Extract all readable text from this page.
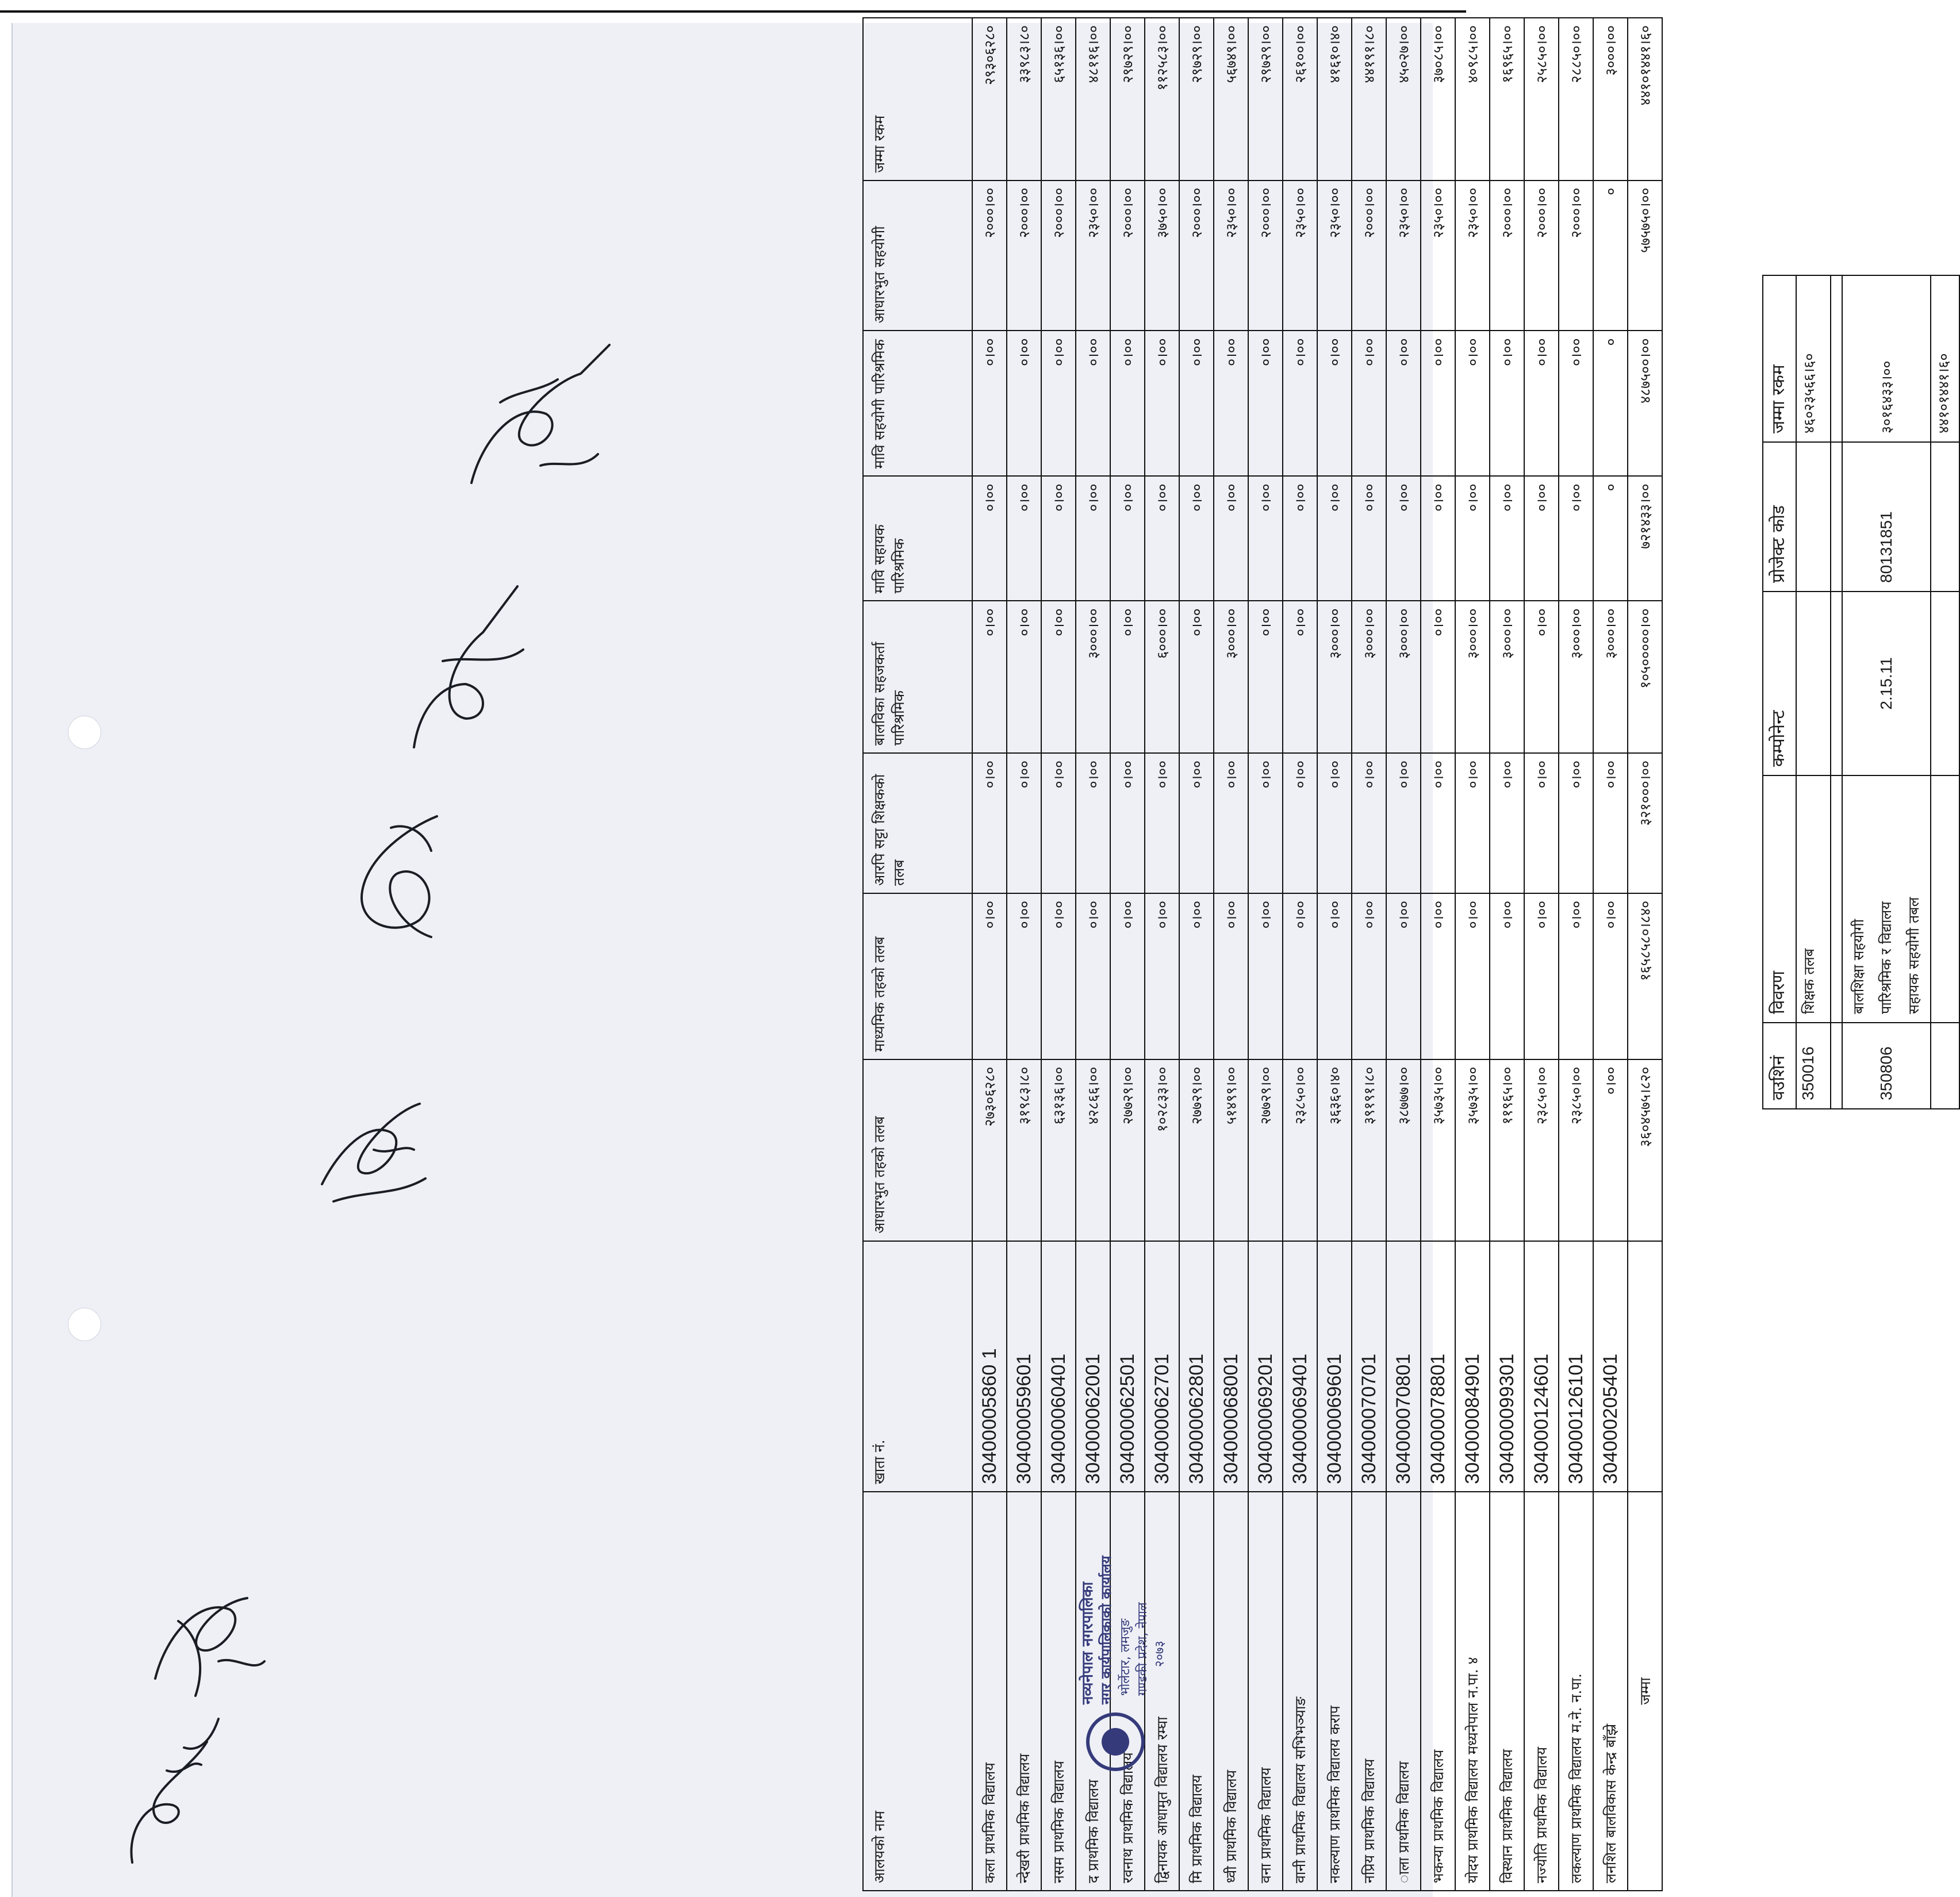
आलयको नाम	खाता नं.	आधारभुत तहको तलब	माध्यमिक तहको तलब	आरपि सट्टा शिक्षकको तलब	बालविका सहजकर्ता पारिश्रमिक	मावि सहायक पारिश्रमिक	मावि सहयोगी पारिश्रमिक	आधारभुत सहयोगी	जम्मा रकम
कला प्राथमिक विद्यालय	30400005860 1	२७३०६२८०	०।००	०।००	०।००	०।००	०।००	२०००।००	२९३०६२८०
न्देखरी प्राथमिक विद्यालय	304000059601	३१९८३।८०	०।००	०।००	०।००	०।००	०।००	२०००।००	३३९८३।८०
नसम प्राथमिक विद्यालय	304000060401	६३१३६।००	०।००	०।००	०।००	०।००	०।००	२०००।००	६५१३६।००
द प्राथमिक विद्यालय	304000062001	४२८६६।००	०।००	०।००	३०००।००	०।००	०।००	२३५०।००	४८११६।००
रवनाथ प्राथमिक विद्यालय	304000062501	२७७२९।००	०।००	०।००	०।००	०।००	०।००	२०००।००	२९७२९।००
द्विनायक आधामुत विद्यालय रम्घा	304000062701	१०२८३३।००	०।००	०।००	६०००।००	०।००	०।००	३७५०।००	११२५८३।००
मि प्राथमिक विद्यालय	304000062801	२७७२९।००	०।००	०।००	०।००	०।००	०।००	२०००।००	२९७२९।००
ध्वी प्राथमिक विद्यालय	304000068001	५१४९९।००	०।००	०।००	३०००।००	०।००	०।००	२३५०।००	५६७४९।००
वना प्राथमिक विद्यालय	304000069201	२७७२९।००	०।००	०।००	०।००	०।००	०।००	२०००।००	२९७२९।००
वानी प्राथमिक विद्यालय सभिभञ्याङ	304000069401	२३८५०।००	०।००	०।००	०।००	०।००	०।००	२३५०।००	२६१००।००
नकल्याण प्राथमिक विद्यालय कराप	304000069601	३६३६०।४०	०।००	०।००	३०००।००	०।००	०।००	२३५०।००	४१६१०।४०
नप्रिय प्राथमिक विद्यालय	304000070701	३९१९१।८०	०।००	०।००	३०००।००	०।००	०।००	२०००।००	४४१९१।८०
ाला प्राथमिक विद्यालय	304000070801	३८७७७।००	०।००	०।००	३०००।००	०।००	०।००	२३५०।००	४५०२७।००
भकन्या प्राथमिक विद्यालय	304000078801	३५७३५।००	०।००	०।००	०।००	०।००	०।००	२३५०।००	३७०८५।००
योदय प्राथमिक विद्यालय मध्यनेपाल न.पा. ४	304000084901	३५७३५।००	०।००	०।००	३०००।००	०।००	०।००	२३५०।००	४०९८५।००
विस्थान प्राथमिक विद्यालय	304000099301	११९६५।००	०।००	०।००	३०००।००	०।००	०।००	२०००।००	१६९६५।००
नज्योति प्राथमिक विद्यालय	304000124601	२३८५०।००	०।००	०।००	०।००	०।००	०।००	२०००।००	२५८५०।००
लकल्याण प्राथमिक विद्यालय म.ने. न.पा.	304000126101	२३८५०।००	०।००	०।००	३०००।००	०।००	०।००	२०००।००	२८८५०।००
लनशिल बालविकास केन्द्र बाँझ्रे	304000205401	०।००	०।००	०।००	३०००।००	०	०	०	३०००।००
जम्मा		३६०४५७५।८२०	१६५८५८०।८४०	३२१०००।००	१०५०००००।००	७२१४३३।००	४८७५००।००	५७५७५०।००	४४१०१४४१।६०
वउशिनं	विवरण	कम्पोनेन्ट	प्रोजेक्ट कोड	जम्मा रकम
350016	शिक्षक तलब			४६०२३५६६।६०

350806	बालशिक्षा सहयोगी पारिश्रमिक र विद्यालय सहायक सहयोगी तबल	2.15.11	80131851	३०१६४३३।००
				४४१०१४४१।६०
नव्यनेपाल नगरपालिका नगर कार्यपालिकाको कार्यालय भोर्लेटार, लमजुङ गण्डकी प्रदेश, नेपाल २०७३
